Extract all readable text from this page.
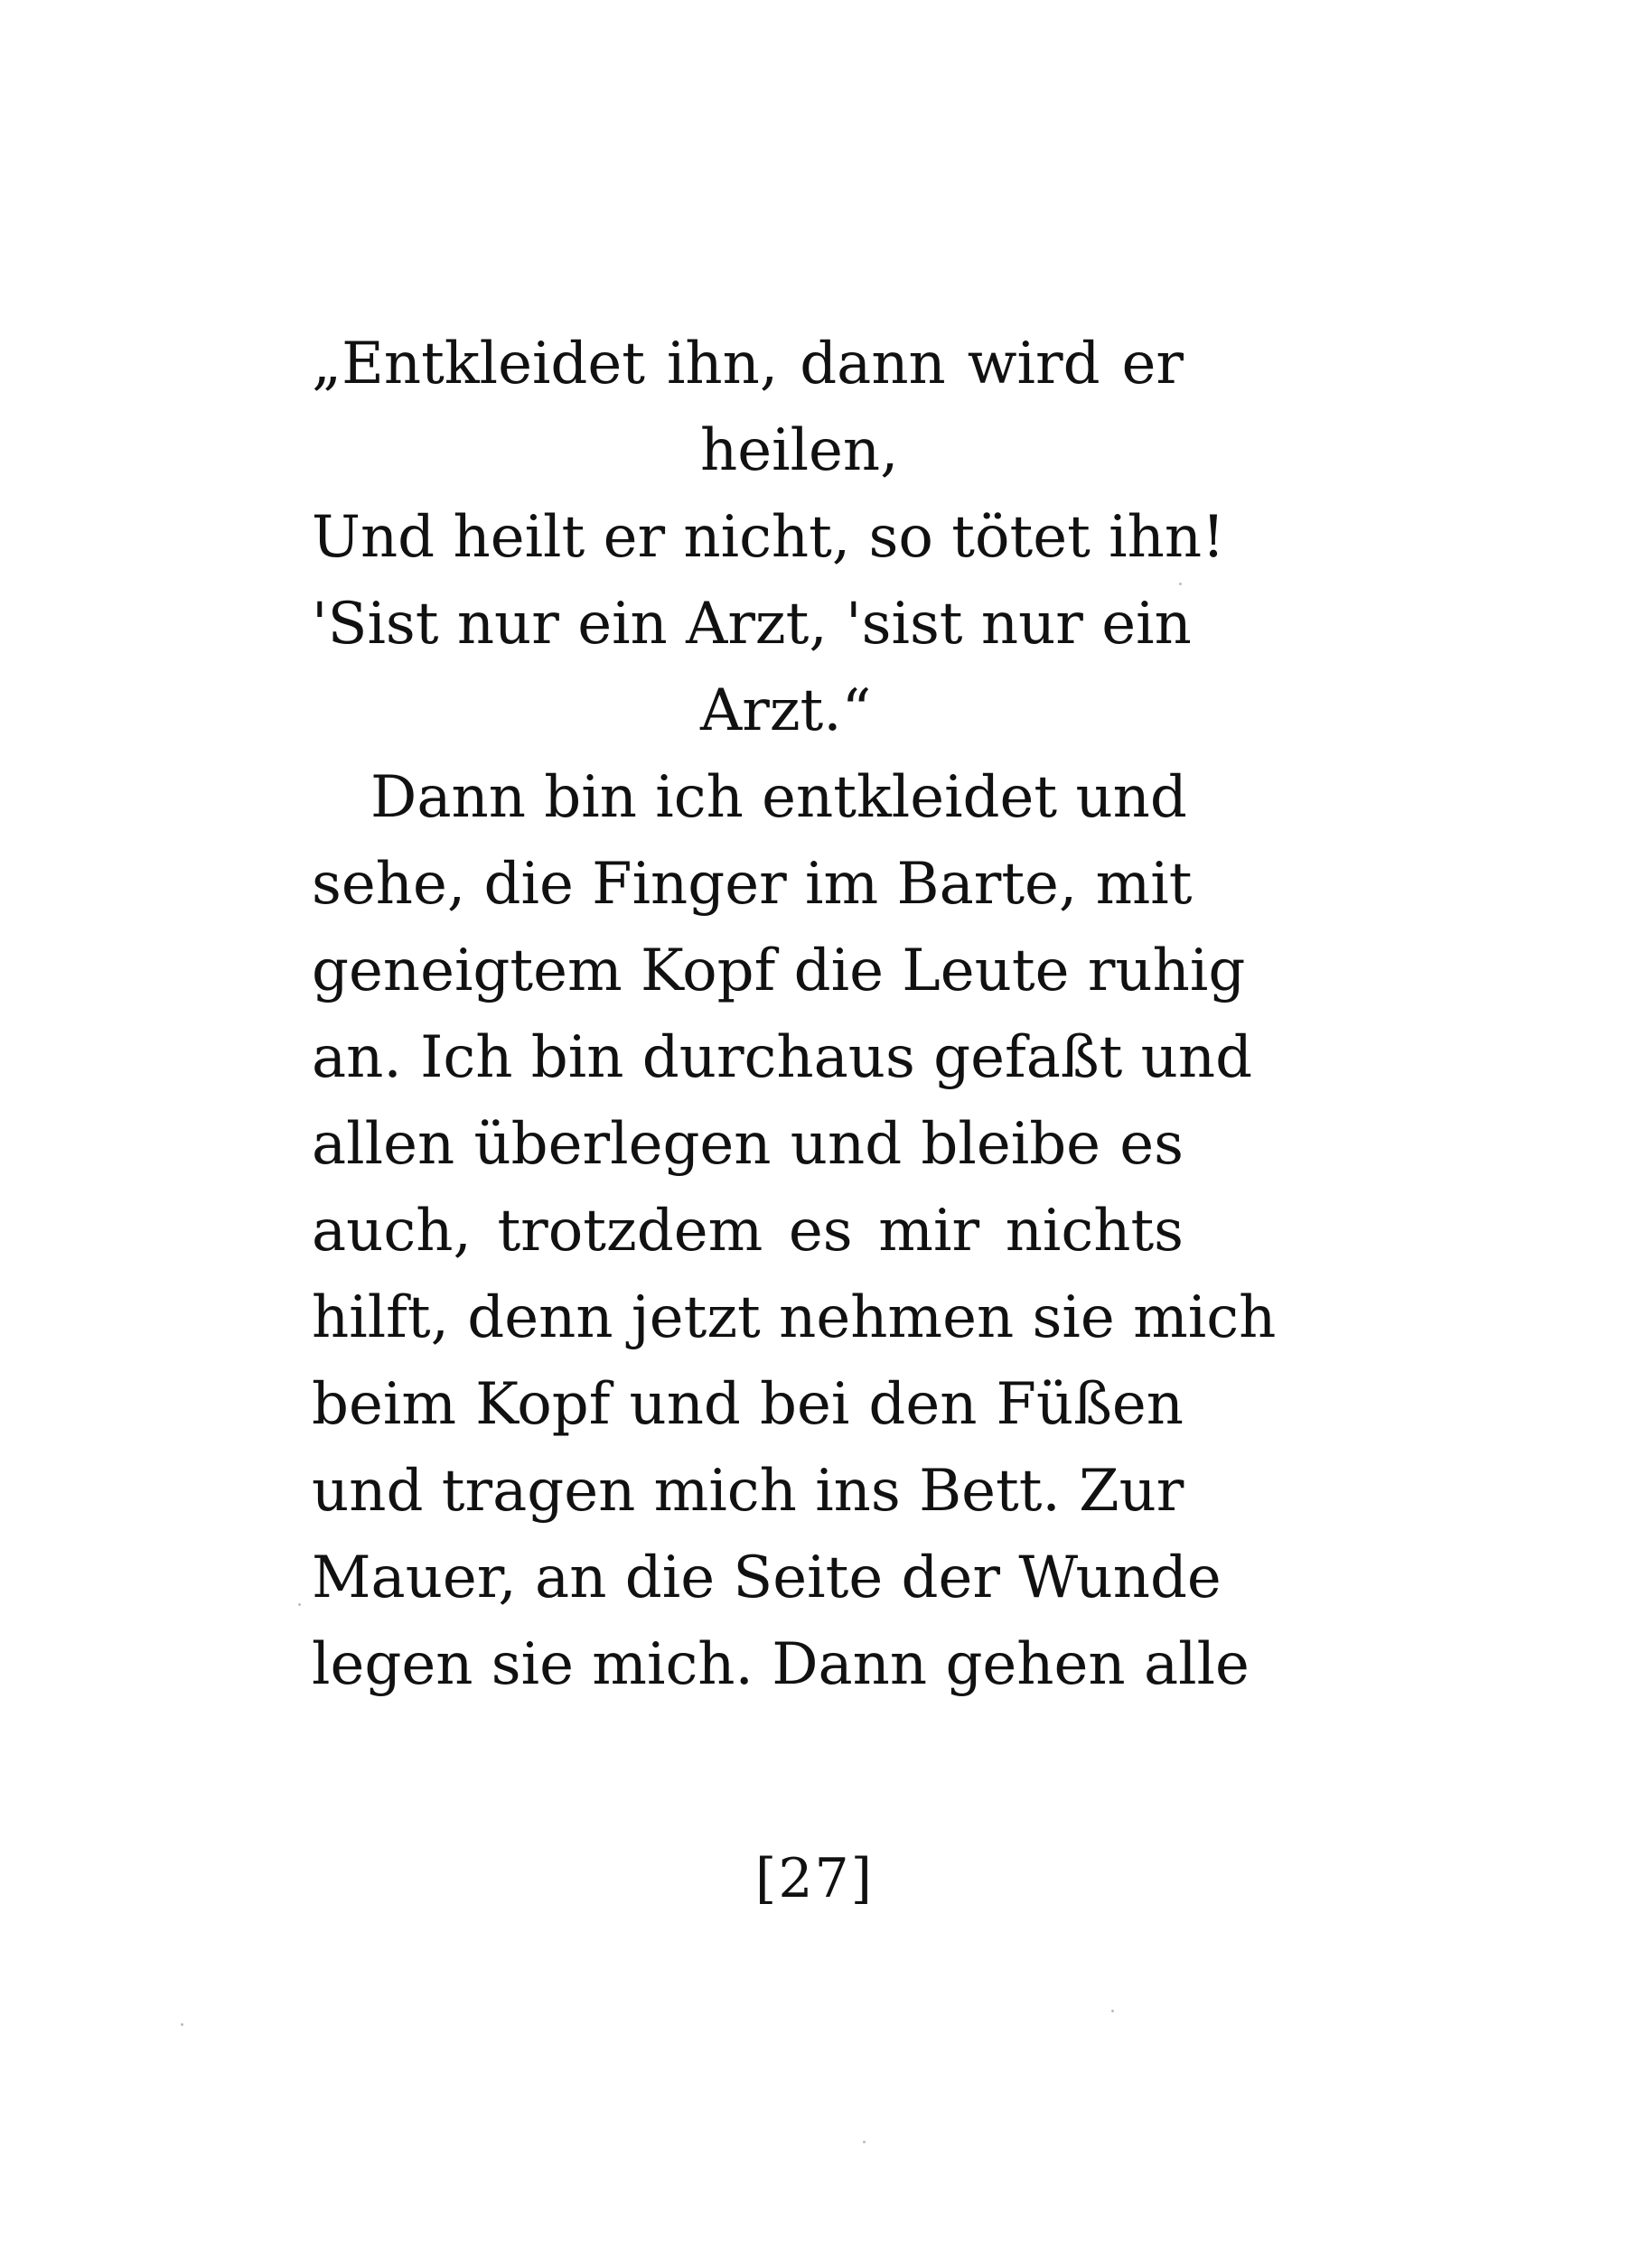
„Entkleidet ihn, dann wird er
heilen,
Und heilt er nicht, so tötet ihn!
'Sist nur ein Arzt, 'sist nur ein
Arzt.“
Dann bin ich entkleidet und
sehe, die Finger im Barte, mit
geneigtem Kopf die Leute ruhig
an. Ich bin durchaus gefaßt und
allen überlegen und bleibe es
auch, trotzdem es mir nichts
hilft, denn jetzt nehmen sie mich
beim Kopf und bei den Füßen
und tragen mich ins Bett. Zur
Mauer, an die Seite der Wunde
legen sie mich. Dann gehen alle
[27]
